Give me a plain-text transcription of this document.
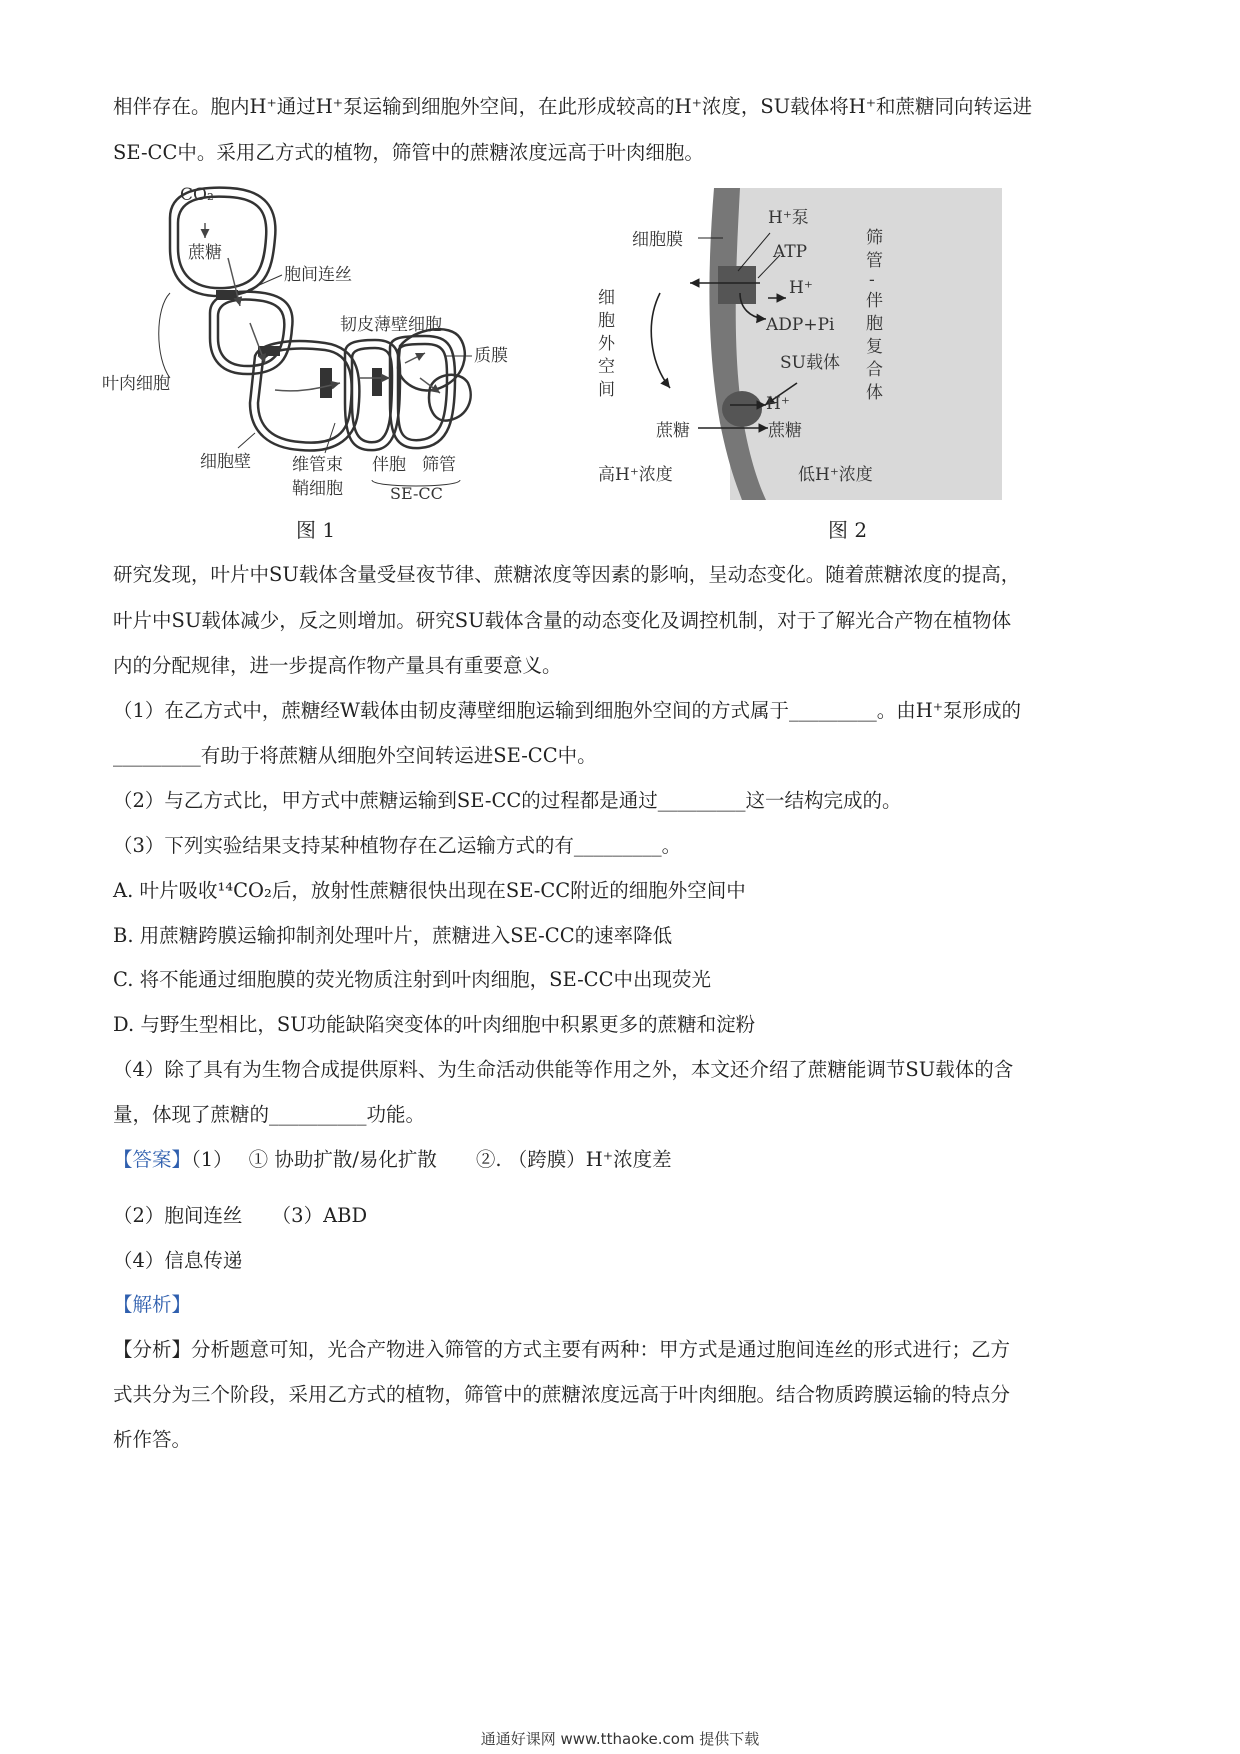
相伴存在。胞内H⁺通过H⁺泵运输到细胞外空间，在此形成较高的H⁺浓度，SU载体将H⁺和蔗糖同向转运进
SE-CC中。采用乙方式的植物，筛管中的蔗糖浓度远高于叶肉细胞。
CO₂
蔗糖
胞间连丝
韧皮薄壁细胞
质膜
叶肉细胞
细胞壁 维管束
鞘细胞
伴胞 筛管
SE-CC
图 1
H⁺泵
ATP
细胞膜
H⁺
ADP+Pi
SU载体
H⁺
蔗糖
蔗糖
细
胞
外
空
间
筛
管
-
伴
胞
复
合
体
高H⁺浓度	低H⁺浓度
图 2
研究发现，叶片中SU载体含量受昼夜节律、蔗糖浓度等因素的影响，呈动态变化。随着蔗糖浓度的提高，
叶片中SU载体减少，反之则增加。研究SU载体含量的动态变化及调控机制，对于了解光合产物在植物体
内的分配规律，进一步提高作物产量具有重要意义。
（1）在乙方式中，蔗糖经W载体由韧皮薄壁细胞运输到细胞外空间的方式属于_________。由H⁺泵形成的
_________有助于将蔗糖从细胞外空间转运进SE-CC中。
（2）与乙方式比，甲方式中蔗糖运输到SE-CC的过程都是通过_________这一结构完成的。
（3）下列实验结果支持某种植物存在乙运输方式的有_________。
A. 叶片吸收¹⁴CO₂后，放射性蔗糖很快出现在SE-CC附近的细胞外空间中
B. 用蔗糖跨膜运输抑制剂处理叶片，蔗糖进入SE-CC的速率降低
C. 将不能通过细胞膜的荧光物质注射到叶肉细胞，SE-CC中出现荧光
D. 与野生型相比，SU功能缺陷突变体的叶肉细胞中积累更多的蔗糖和淀粉
（4）除了具有为生物合成提供原料、为生命活动供能等作用之外，本文还介绍了蔗糖能调节SU载体的含
量，体现了蔗糖的__________功能。
【答案】（1）　 ① 协助扩散/易化扩散　　②. （跨膜）H⁺浓度差
（2）胞间连丝　　（3）ABD
（4）信息传递
【解析】
【分析】分析题意可知，光合产物进入筛管的方式主要有两种：甲方式是通过胞间连丝的形式进行；乙方
式共分为三个阶段，采用乙方式的植物，筛管中的蔗糖浓度远高于叶肉细胞。结合物质跨膜运输的特点分
析作答。
通通好课网 www.tthaoke.com 提供下载
